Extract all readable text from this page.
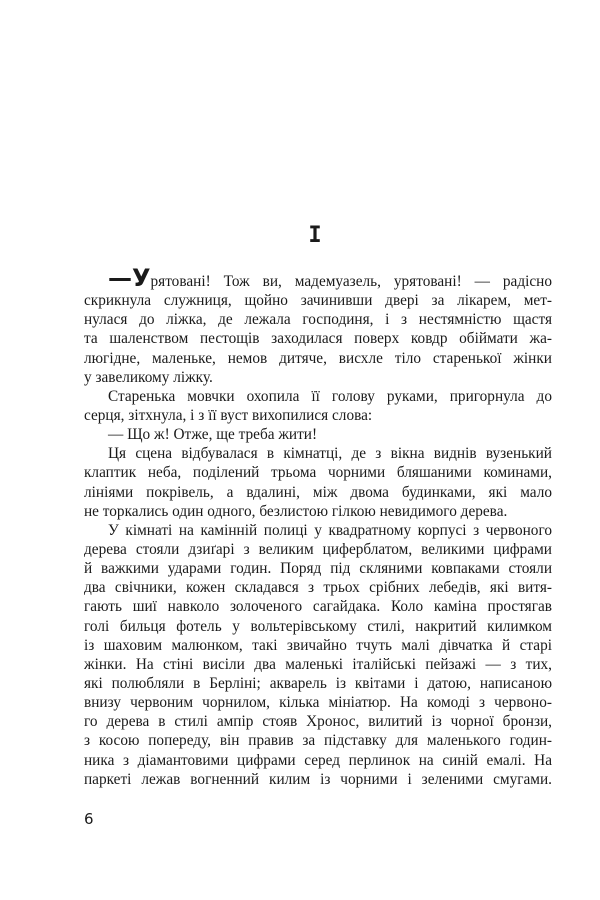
I
—Урятовані! Тож ви, мадемуазель, урятовані! — радісно
скрикнула служниця, щойно зачинивши двері за лікарем, мет-
нулася до ліжка, де лежала господиня, і з нестямністю щастя
та шаленством пестощів заходилася поверх ковдр обіймати жа-
люгідне, маленьке, немов дитяче, висхле тіло старенької жінки
у завеликому ліжку.
Старенька мовчки охопила її голову руками, пригорнула до
серця, зітхнула, і з її вуст вихопилися слова:
— Що ж! Отже, ще треба жити!
Ця сцена відбувалася в кімнатці, де з вікна виднів вузенький
клаптик неба, поділений трьома чорними бляшаними коминами,
лініями покрівель, а вдалині, між двома будинками, які мало
не торкались один одного, безлистою гілкою невидимого дерева.
У кімнаті на камінній полиці у квадратному корпусі з червоного
дерева стояли дзиґарі з великим циферблатом, великими цифрами
й важкими ударами годин. Поряд під скляними ковпаками стояли
два свічники, кожен складався з трьох срібних лебедів, які витя-
гають шиї навколо золоченого сагайдака. Коло каміна простягав
голі бильця фотель у вольтерівському стилі, накритий килимком
із шаховим малюнком, такі звичайно тчуть малі дівчатка й старі
жінки. На стіні висіли два маленькі італійські пейзажі — з тих,
які полюбляли в Берліні; акварель із квітами і датою, написаною
внизу червоним чорнилом, кілька мініатюр. На комоді з червоно-
го дерева в стилі ампір стояв Хронос, вилитий із чорної бронзи,
з косою попереду, він правив за підставку для маленького годин-
ника з діамантовими цифрами серед перлинок на синій емалі. На
паркеті лежав вогненний килим із чорними і зеленими смугами.
6
